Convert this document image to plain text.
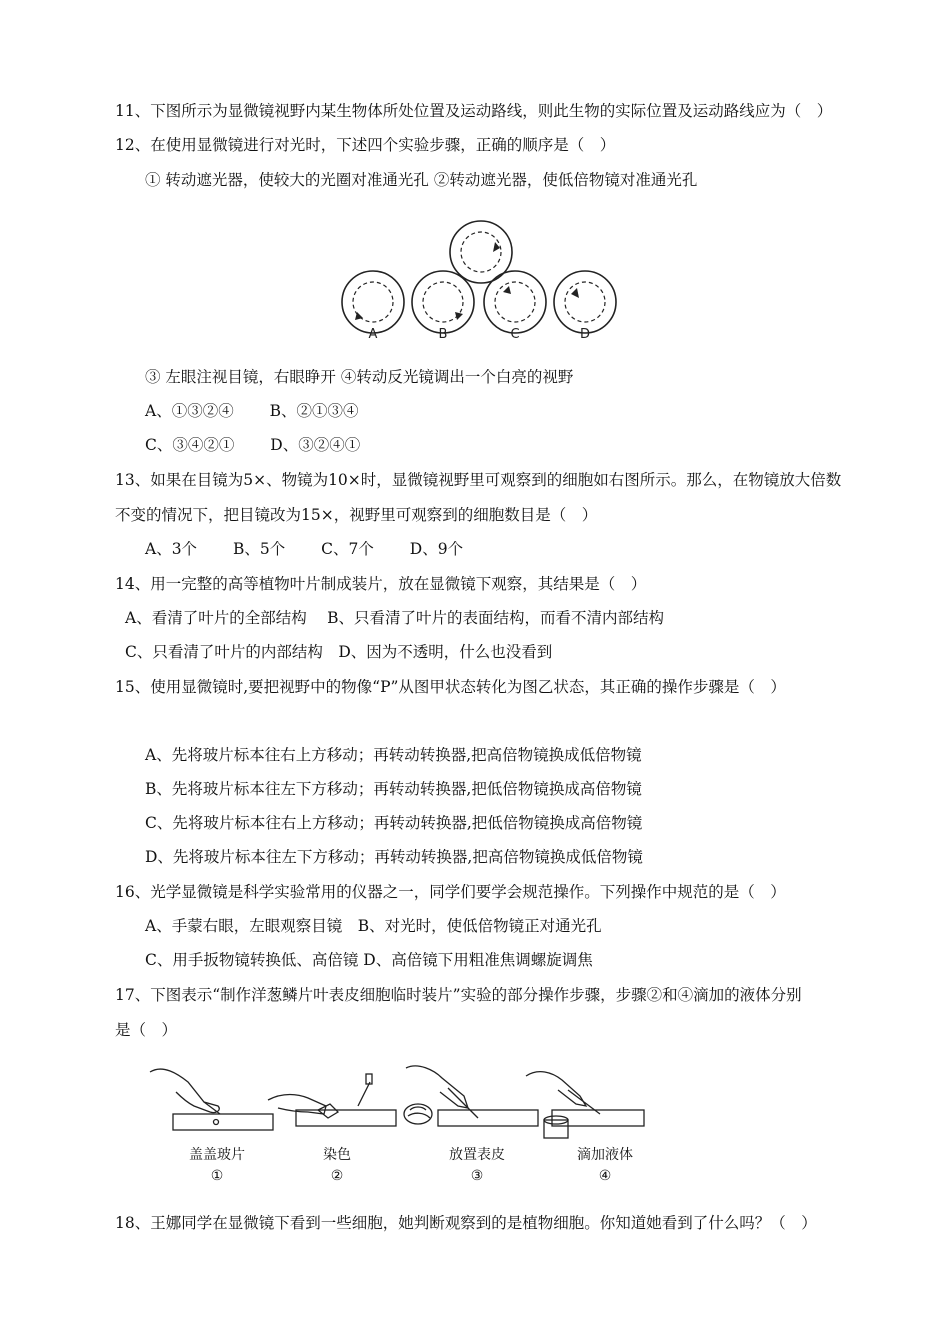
11、下图所示为显微镜视野内某生物体所处位置及运动路线，则此生物的实际位置及运动路线应为（　）
12、在使用显微镜进行对光时，下述四个实验步骤，正确的顺序是（　）
① 转动遮光器，使较大的光圈对准通光孔 ②转动遮光器，使低倍物镜对准通光孔
A	B	C	D
③ 左眼注视目镜，右眼睁开 ④转动反光镜调出一个白亮的视野
A、①③②④　　 B、②①③④
C、③④②①　　 D、③②④①
13、如果在目镜为5×、物镜为10×时，显微镜视野里可观察到的细胞如右图所示。那么，在物镜放大倍数
不变的情况下，把目镜改为15×，视野里可观察到的细胞数目是（　）
A、3个　　 B、5个　　 C、7个　　 D、9个
14、用一完整的高等植物叶片制成装片，放在显微镜下观察，其结果是（　）
A、看清了叶片的全部结构　 B、只看清了叶片的表面结构，而看不清内部结构
C、只看清了叶片的内部结构　D、因为不透明，什么也没看到
15、使用显微镜时,要把视野中的物像“P”从图甲状态转化为图乙状态，其正确的操作步骤是（　）
A、先将玻片标本往右上方移动；再转动转换器,把高倍物镜换成低倍物镜
B、先将玻片标本往左下方移动；再转动转换器,把低倍物镜换成高倍物镜
C、先将玻片标本往右上方移动；再转动转换器,把低倍物镜换成高倍物镜
D、先将玻片标本往左下方移动；再转动转换器,把高倍物镜换成低倍物镜
16、光学显微镜是科学实验常用的仪器之一，同学们要学会规范操作。下列操作中规范的是（　）
A、手蒙右眼，左眼观察目镜　B、对光时，使低倍物镜正对通光孔
C、用手扳物镜转换低、高倍镜 D、高倍镜下用粗准焦调螺旋调焦
17、下图表示“制作洋葱鳞片叶表皮细胞临时装片”实验的部分操作步骤，步骤②和④滴加的液体分别
是（　）
盖盖玻片	染色	放置表皮	滴加液体
①	②	③	④
18、王娜同学在显微镜下看到一些细胞，她判断观察到的是植物细胞。你知道她看到了什么吗？（　）
